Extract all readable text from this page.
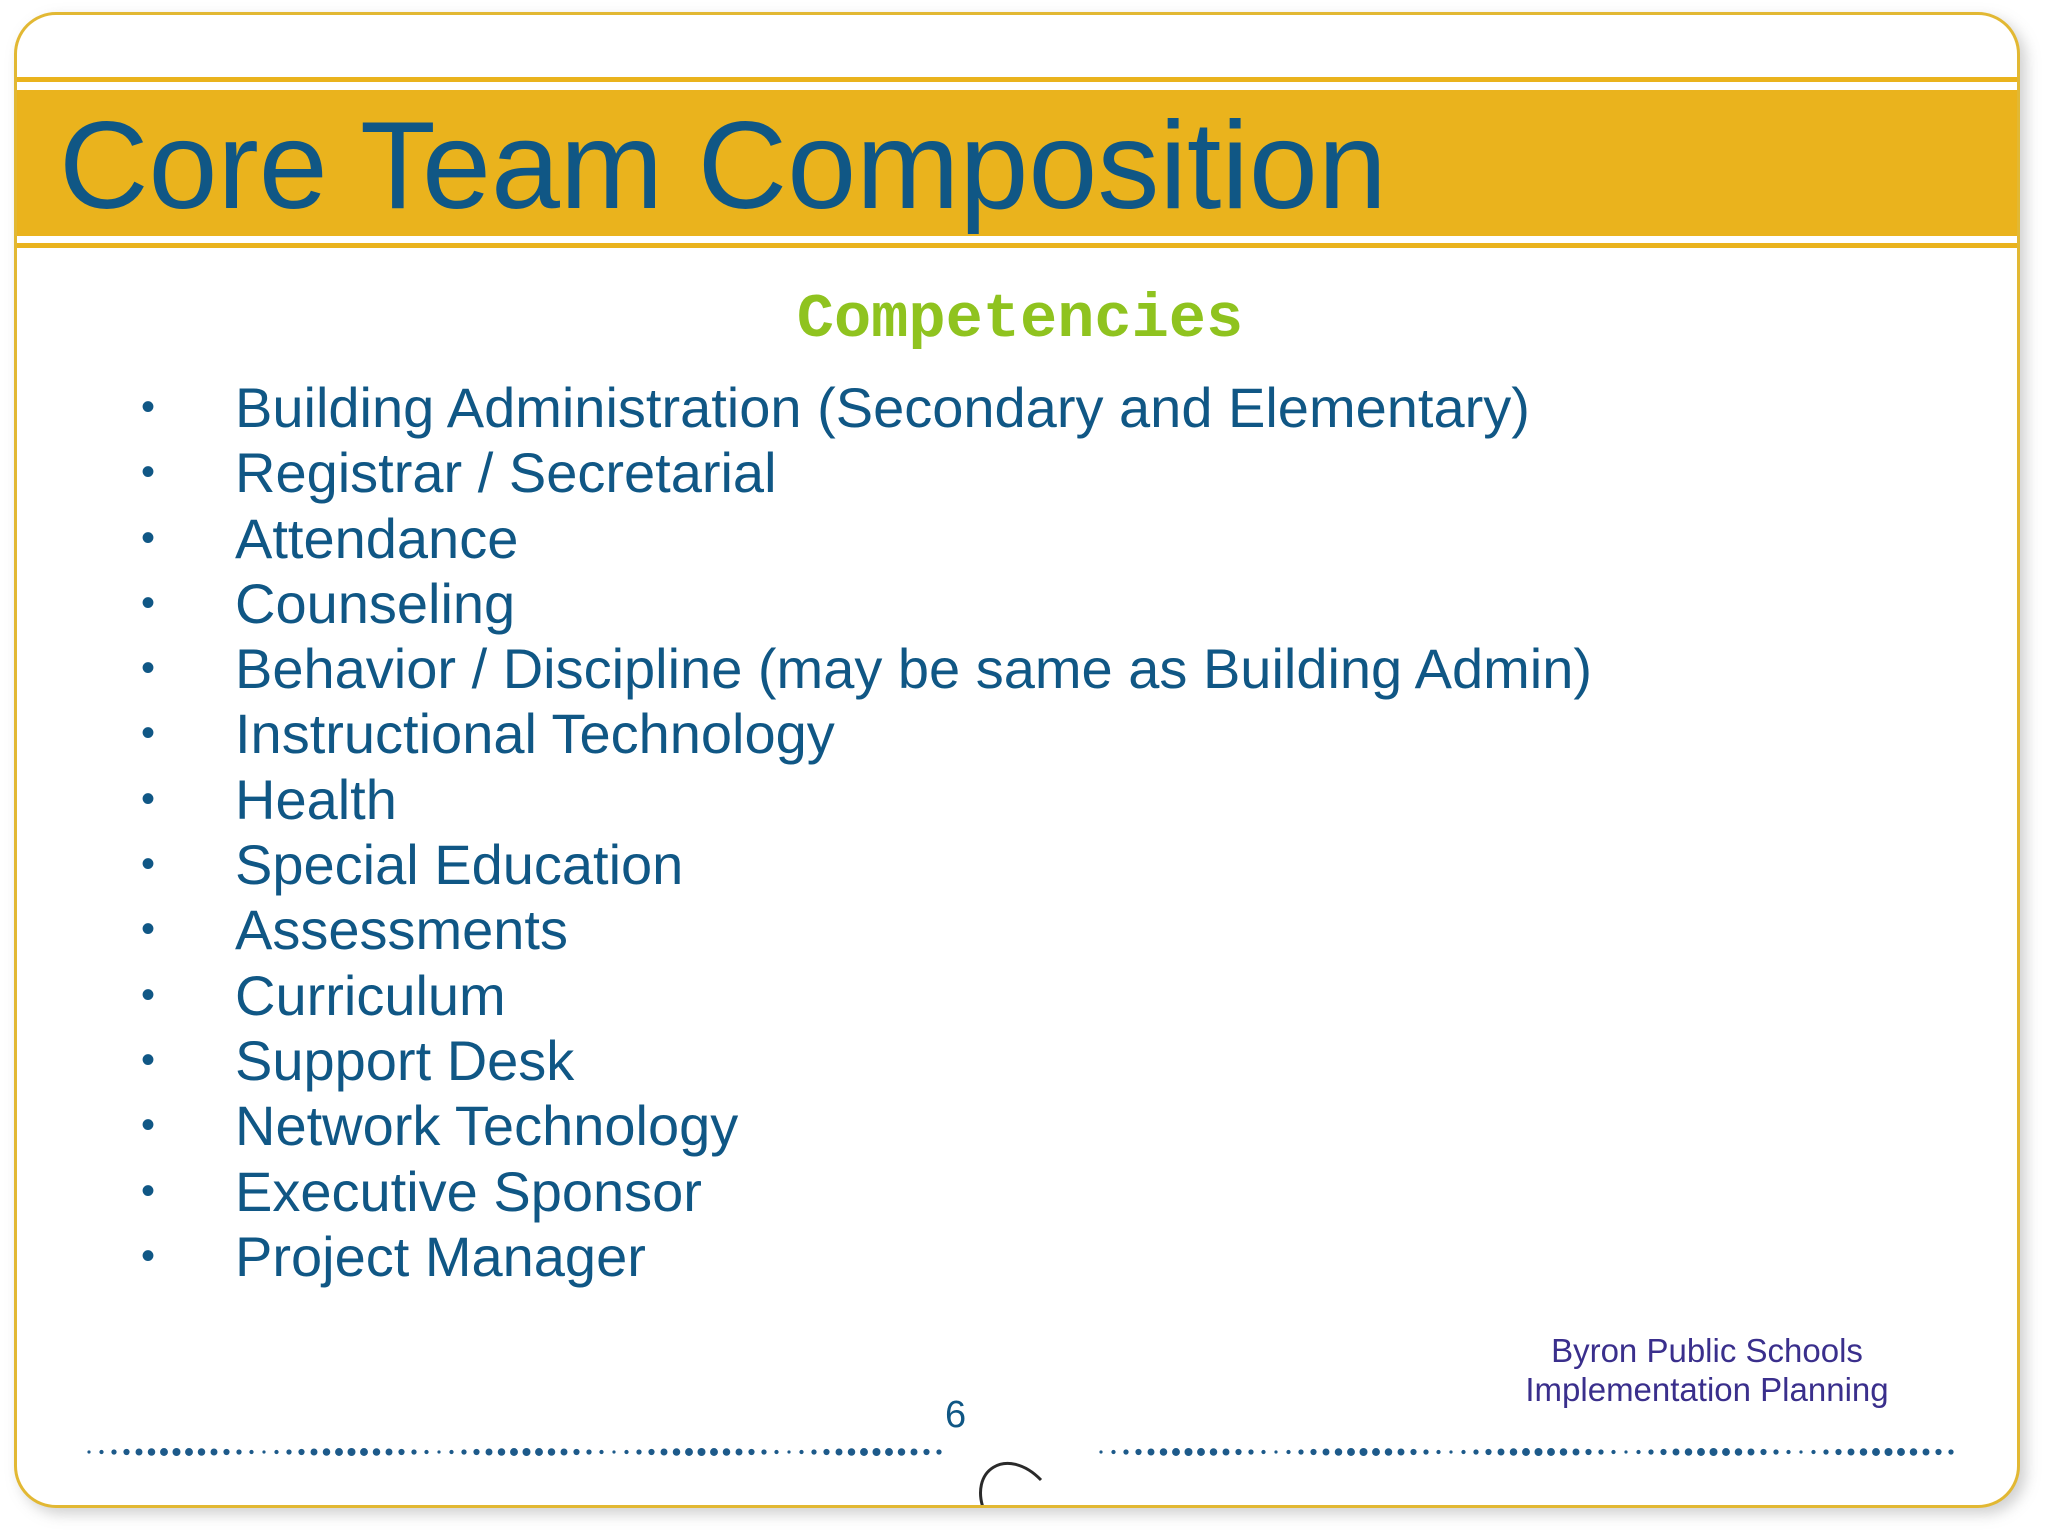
Core Team Composition
Competencies
•	Building Administration (Secondary and Elementary)
•	Registrar / Secretarial
•	Attendance
•	Counseling
•	Behavior / Discipline (may be same as Building Admin)
•	Instructional Technology
•	Health
•	Special Education
•	Assessments
•	Curriculum
•	Support Desk
•	Network Technology
•	Executive Sponsor
•	Project Manager
Byron Public Schools
Implementation Planning
6
